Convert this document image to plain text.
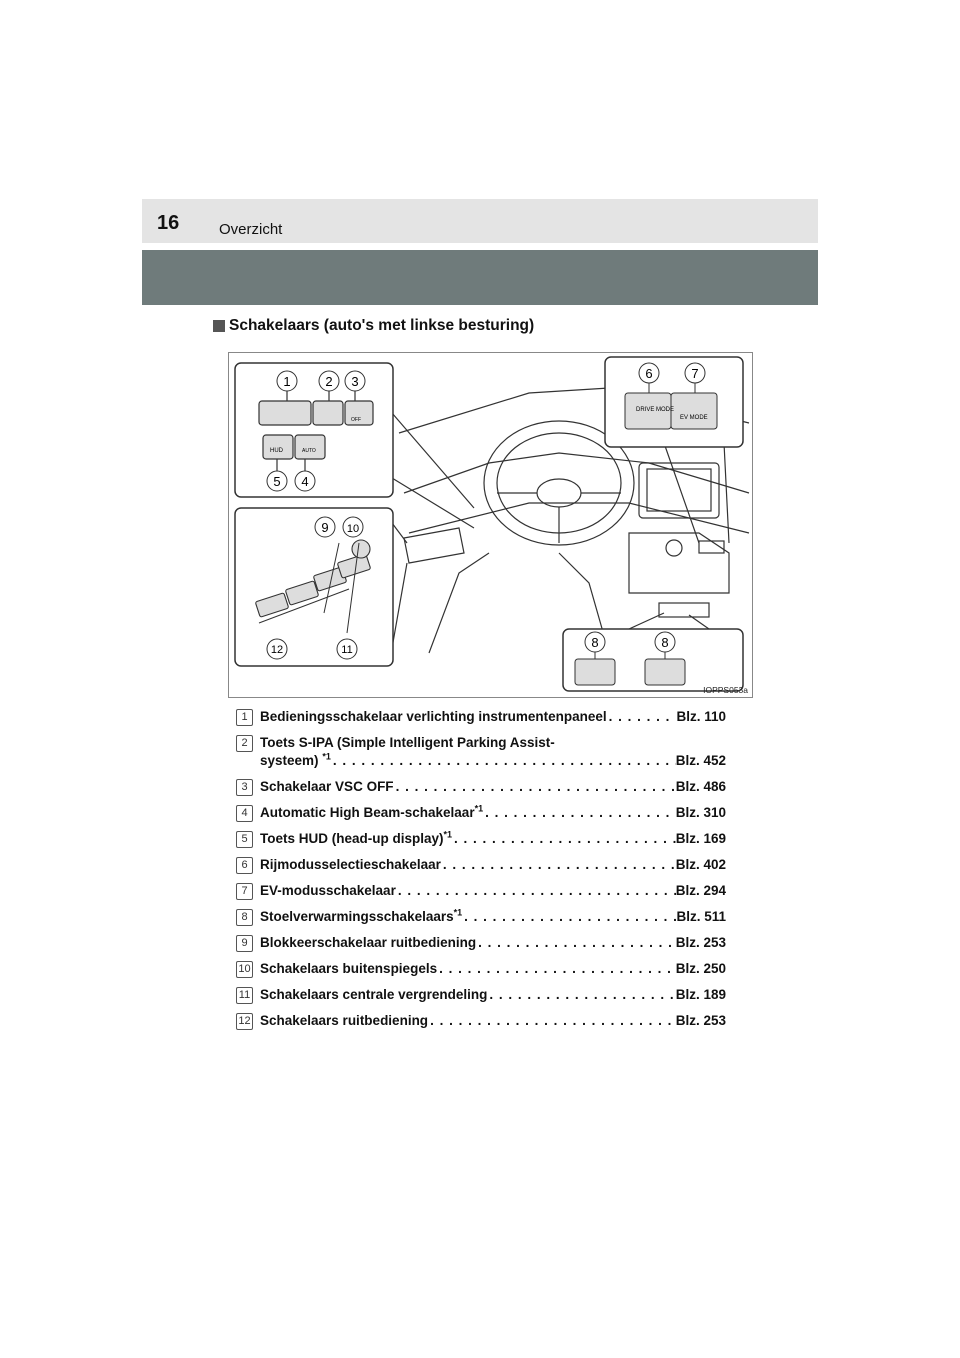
16	Overzicht
Schakelaars (auto's met linkse besturing)
HUD	AUTO
OFF
DRIVE MODE
EV MODE
1	2 3
4
5
6	7
8	8
9 10
11
12
IOPPS053a
1 Bedieningsschakelaar verlichting instrumentenpaneel . . .	Blz. 110
2 Toets S-IPA (Simple Intelligent Parking Assist-
systeem) $^{*1}$ . . .	Blz. 452
3 Schakelaar VSC OFF . . .	Blz. 486
4 Automatic High Beam-schakelaar$^{*1}$ . . .	Blz. 310
5 Toets HUD (head-up display)$^{*1}$ . . .	Blz. 169
6 Rijmodusselectieschakelaar . . .	Blz. 402
7 EV-modusschakelaar . . .	Blz. 294
8 Stoelverwarmingsschakelaars$^{*1}$ . . .	Blz. 511
9 Blokkeerschakelaar ruitbediening . . .	Blz. 253
10 Schakelaars buitenspiegels . . .	Blz. 250
11 Schakelaars centrale vergrendeling . . .	Blz. 189
12 Schakelaars ruitbediening . . .	Blz. 253
